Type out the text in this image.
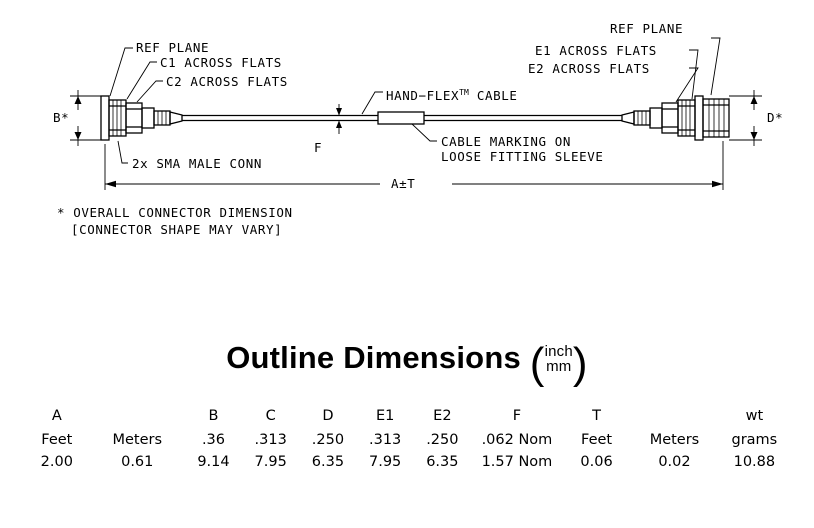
REF PLANE
C1 ACROSS FLATS
C2 ACROSS FLATS
HAND−FLEX™ CABLE
REF PLANE
E1 ACROSS FLATS
E2 ACROSS FLATS
CABLE MARKING ON
LOOSE FITTING SLEEVE
2x SMA MALE CONN
B*	D*
F
A±T
* OVERALL CONNECTOR DIMENSION
[CONNECTOR SHAPE MAY VARY]
Outline Dimensions (inch
mm)
A		B	C	D	E1	E2	F	T		wt
Feet	Meters	.36	.313	.250	.313	.250	.062 Nom	Feet	Meters	grams
2.00	0.61	9.14	7.95	6.35	7.95	6.35	1.57 Nom	0.06	0.02	10.88
